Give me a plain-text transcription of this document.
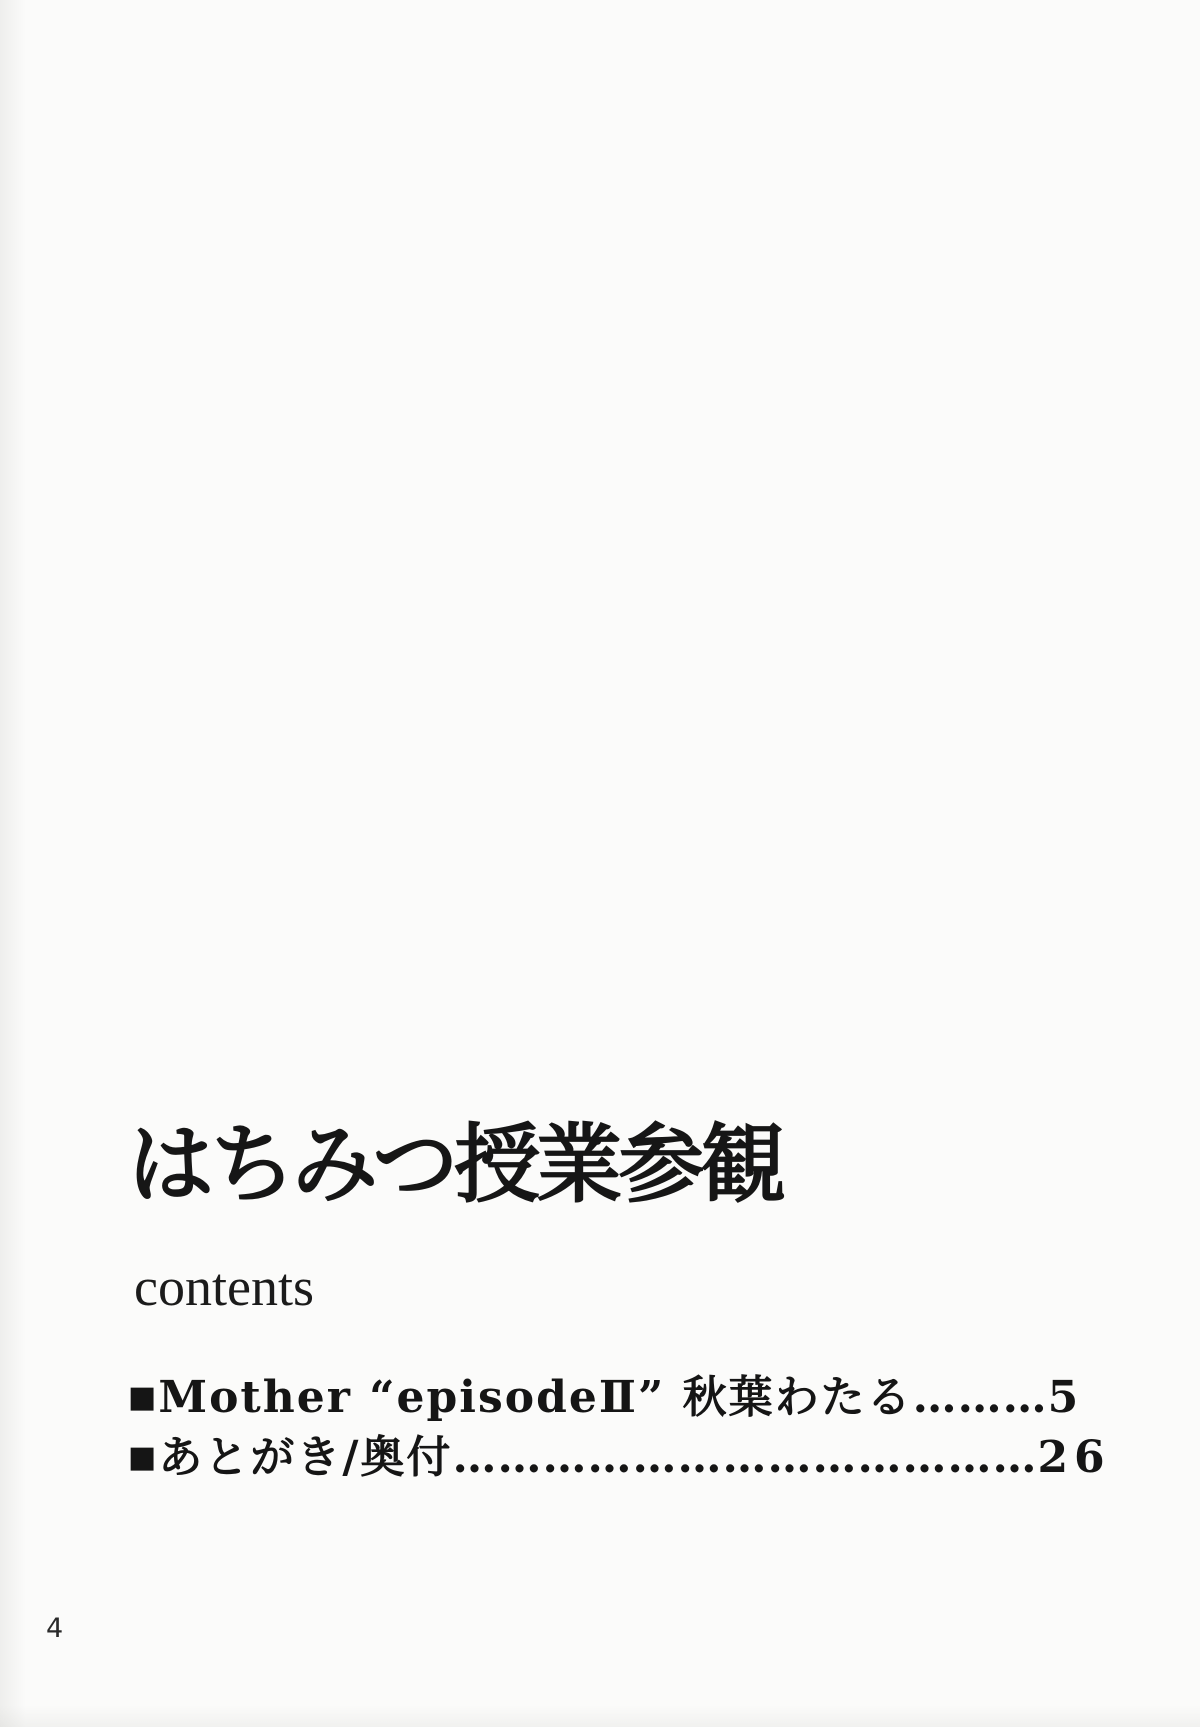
はちみつ授業参観
contents
■Mother “episodeⅡ” 秋葉わたる………5
■あとがき/奥付…………………………………26
4
